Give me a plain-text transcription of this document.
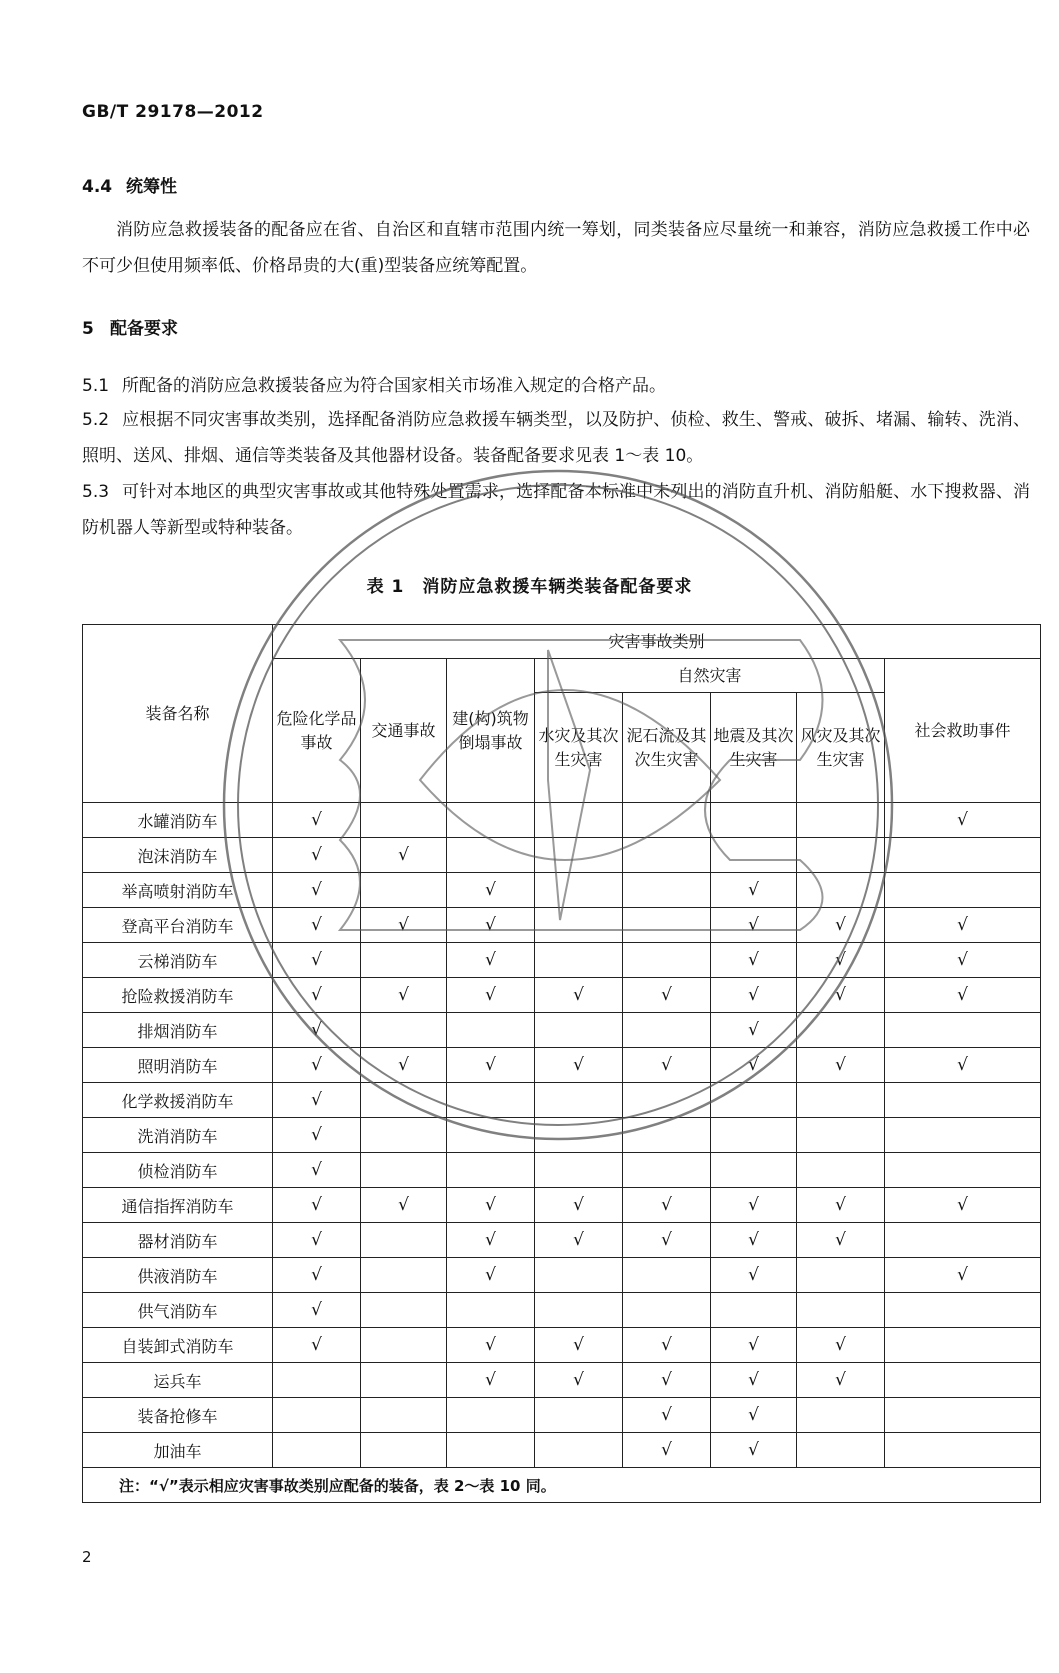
GB/T 29178—2012
4.4 统筹性
消防应急救援装备的配备应在省、自治区和直辖市范围内统一筹划，同类装备应尽量统一和兼容，消防应急救援工作中必不可少但使用频率低、价格昂贵的大(重)型装备应统筹配置。
5 配备要求
5.1 所配备的消防应急救援装备应为符合国家相关市场准入规定的合格产品。
5.2 应根据不同灾害事故类别，选择配备消防应急救援车辆类型，以及防护、侦检、救生、警戒、破拆、堵漏、输转、洗消、照明、送风、排烟、通信等类装备及其他器材设备。装备配备要求见表 1～表 10。
5.3 可针对本地区的典型灾害事故或其他特殊处置需求，选择配备本标准中未列出的消防直升机、消防船艇、水下搜救器、消防机器人等新型或特种装备。
表 1　消防应急救援车辆类装备配备要求
装备名称	灾害事故类别							
	危险化学品事故	交通事故	建(构)筑物倒塌事故	自然灾害				社会救助事件
				水灾及其次生灾害	泥石流及其次生灾害	地震及其次生灾害	风灾及其次生灾害	
水罐消防车	√							√
泡沫消防车	√	√						
举高喷射消防车	√		√			√		
登高平台消防车	√	√	√			√	√	√
云梯消防车	√		√			√	√	√
抢险救援消防车	√	√	√	√	√	√	√	√
排烟消防车	√					√		
照明消防车	√	√	√	√	√	√	√	√
化学救援消防车	√							
洗消消防车	√							
侦检消防车	√							
通信指挥消防车	√	√	√	√	√	√	√	√
器材消防车	√		√	√	√	√	√	
供液消防车	√		√			√		√
供气消防车	√							
自装卸式消防车	√		√	√	√	√	√	
运兵车			√	√	√	√	√	
装备抢修车					√	√		
加油车					√	√		
注：“√”表示相应灾害事故类别应配备的装备，表 2～表 10 同。								
2
